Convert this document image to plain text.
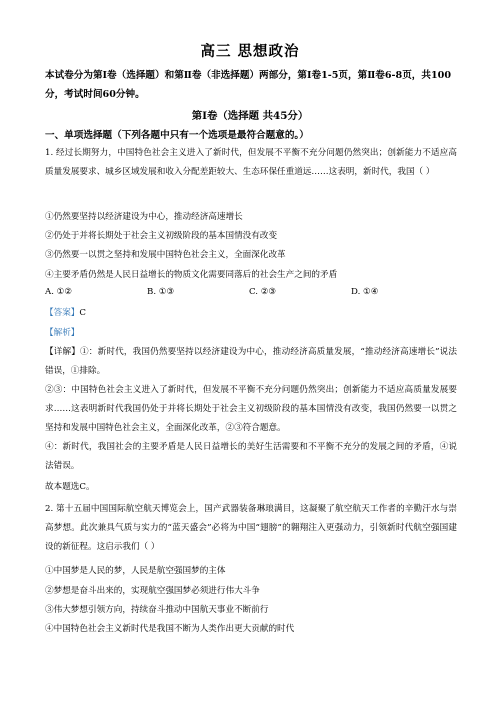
高三 思想政治
本试卷分为第Ⅰ卷（选择题）和第Ⅱ卷（非选择题）两部分，第Ⅰ卷1-5页，第Ⅱ卷6-8页，共100分，考试时间60分钟。
第Ⅰ卷（选择题 共45分）
一、单项选择题（下列各题中只有一个选项是最符合题意的。）
1. 经过长期努力，中国特色社会主义进入了新时代，但发展不平衡不充分问题仍然突出；创新能力不适应高质量发展要求、城乡区域发展和收入分配差距较大、生态环保任重道远……这表明，新时代，我国（ ）
①仍然要坚持以经济建设为中心，推动经济高速增长
②仍处于并将长期处于社会主义初级阶段的基本国情没有改变
③仍然要一以贯之坚持和发展中国特色社会主义，全面深化改革
④主要矛盾仍然是人民日益增长的物质文化需要同落后的社会生产之间的矛盾
A. ①②	B. ①③	C. ②③	D. ①④
【答案】C
【解析】
【详解】①：新时代，我国仍然要坚持以经济建设为中心，推动经济高质量发展，“推动经济高速增长”说法错误，①排除。
②③：中国特色社会主义进入了新时代，但发展不平衡不充分问题仍然突出；创新能力不适应高质量发展要求……这表明新时代我国仍处于并将长期处于社会主义初级阶段的基本国情没有改变，我国仍然要一以贯之坚持和发展中国特色社会主义，全面深化改革，②③符合题意。
④：新时代，我国社会的主要矛盾是人民日益增长的美好生活需要和不平衡不充分的发展之间的矛盾，④说法错误。
故本题选C。
2. 第十五届中国国际航空航天博览会上，国产武器装备琳琅满目，这凝聚了航空航天工作者的辛勤汗水与崇高梦想。此次兼具气质与实力的“蓝天盛会”必将为中国“翅膀”的翱翔注入更强动力，引领新时代航空强国建设的新征程。这启示我们（ ）
①中国梦是人民的梦，人民是航空强国梦的主体
②梦想是奋斗出来的，实现航空强国梦必须进行伟大斗争
③伟大梦想引领方向，持续奋斗推动中国航天事业不断前行
④中国特色社会主义新时代是我国不断为人类作出更大贡献的时代
